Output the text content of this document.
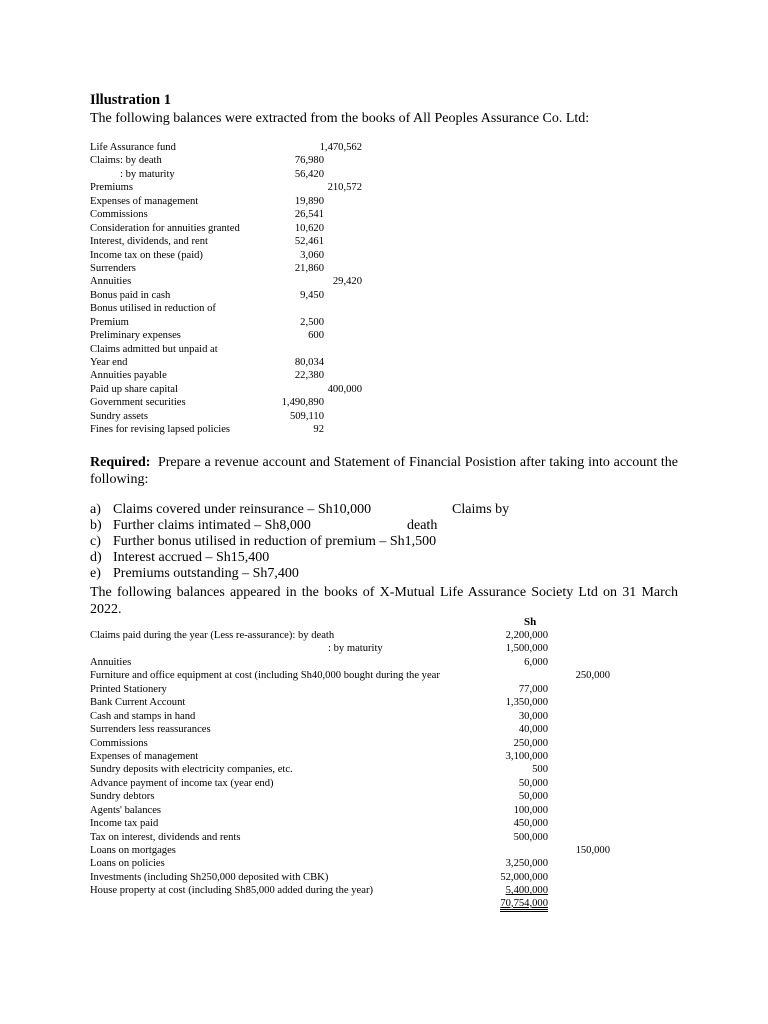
Illustration 1
The following balances were extracted from the books of All Peoples Assurance Co. Ltd:
Life Assurance fund	1,470,562
Claims: by death	76,980
: by maturity	56,420
Premiums	210,572
Expenses of management	19,890
Commissions	26,541
Consideration for annuities granted	10,620
Interest, dividends, and rent	52,461
Income tax on these (paid)	3,060
Surrenders	21,860
Annuities	29,420
Bonus paid in cash	9,450
Bonus utilised in reduction of
Premium	2,500
Preliminary expenses	600
Claims admitted but unpaid at
Year end	80,034
Annuities payable	22,380
Paid up share capital	400,000
Government securities	1,490,890
Sundry assets	509,110
Fines for revising lapsed policies	92
Required: Prepare a revenue account and Statement of Financial Posistion after taking into account the following:
a) Claims covered under reinsurance – Sh10,000
b) Further claims intimated – Sh8,000
c) Further bonus utilised in reduction of premium – Sh1,500
d) Interest accrued – Sh15,400
e) Premiums outstanding – Sh7,400
Claims by
death
The following balances appeared in the books of X-Mutual Life Assurance Society Ltd on 31 March 2022.
Sh
Claims paid during the year (Less re-assurance): by death	2,200,000
: by maturity	1,500,000
Annuities	6,000
Furniture and office equipment at cost (including Sh40,000 bought during the year	250,000
Printed Stationery	77,000
Bank Current Account	1,350,000
Cash and stamps in hand	30,000
Surrenders less reassurances	40,000
Commissions	250,000
Expenses of management	3,100,000
Sundry deposits with electricity companies, etc.	500
Advance payment of income tax (year end)	50,000
Sundry debtors	50,000
Agents' balances	100,000
Income tax paid	450,000
Tax on interest, dividends and rents	500,000
Loans on mortgages	150,000
Loans on policies	3,250,000
Investments (including Sh250,000 deposited with CBK)	52,000,000
House property at cost (including Sh85,000 added during the year)	5,400,000
70,754,000
